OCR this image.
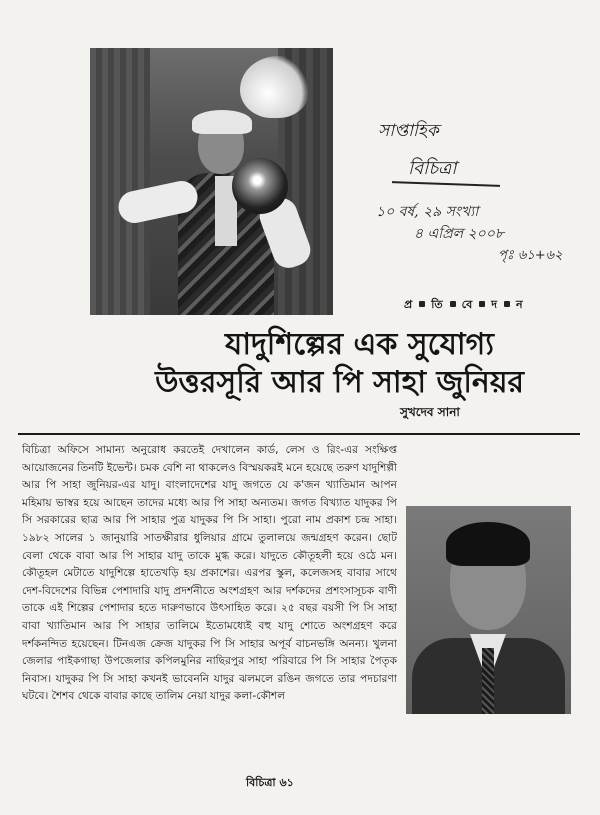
সাপ্তাহিক
বিচিত্রা
১০ বর্ষ, ২৯ সংখ্যা
৪ এপ্রিল ২০০৮
পৃঃ ৬১+৬২
প্র তি বে দ ন
যাদুশিল্পের এক সুযোগ্য
উত্তরসূরি আর পি সাহা জুনিয়র
সুখদেব সানা
বিচিত্রা অফিসে সামান্য অনুরোধ করতেই দেখালেন কার্ড, লেস ও রিং-এর সংক্ষিপ্ত আয়োজনের তিনটি ইভেন্ট। চমক বেশি না থাকলেও বিস্ময়করই মনে হয়েছে তরুণ যাদুশিল্পী আর পি সাহা জুনিয়র-এর যাদু। বাংলাদেশের যাদু জগতে যে ক'জন খ্যাতিমান আপন মহিমায় ভাস্বর হয়ে আছেন তাদের মধ্যে আর পি সাহা অন্যতম। জগত বিখ্যাত যাদুকর পি সি সরকারের ছাত্র আর পি সাহার পুত্র যাদুকর পি সি সাহা। পুরো নাম প্রকাশ চন্দ্র সাহা। ১৯৮২ সালের ১ জানুয়ারি সাতক্ষীরার ধুলিয়ার গ্রামে তুলালয়ে জন্মগ্রহণ করেন। ছোট বেলা থেকে বাবা আর পি সাহার যাদু তাকে মুগ্ধ করে। যাদুতে কৌতূহলী হয়ে ওঠে মন। কৌতূহল মেটাতে যাদুশিল্পে হাতেখড়ি হয় প্রকাশের। এরপর স্কুল, কলেজসহ বাবার সাথে দেশ-বিদেশের বিভিন্ন পেশাদারি যাদু প্রদর্শনীতে অংশগ্রহণ আর দর্শকদের প্রশংসাসূচক বাণী তাকে এই শিল্পের পেশাদার হতে দারুণভাবে উৎসাহিত করে। ২৫ বছর বয়সী পি সি সাহা বাবা খ্যাতিমান আর পি সাহার তালিমে ইতোমধ্যেই বহু যাদু শোতে অংশগ্রহণ করে দর্শকনন্দিত হয়েছেন। টিনএজ ক্রেজ যাদুকর পি সি সাহার অপূর্ব বাচনভঙ্গি অনন্য। খুলনা জেলার পাইকগাছা উপজেলার কপিলমুনির নাছিরপুর সাহা পরিবারে পি সি সাহার পৈতৃক নিবাস। যাদুকর পি সি সাহা কখনই ভাবেননি যাদুর ঝলমলে রঙিন জগতে তার পদচারণা ঘটবে। শৈশব থেকে বাবার কাছে তালিম নেয়া যাদুর কলা-কৌশল
বিচিত্রা ৬১
